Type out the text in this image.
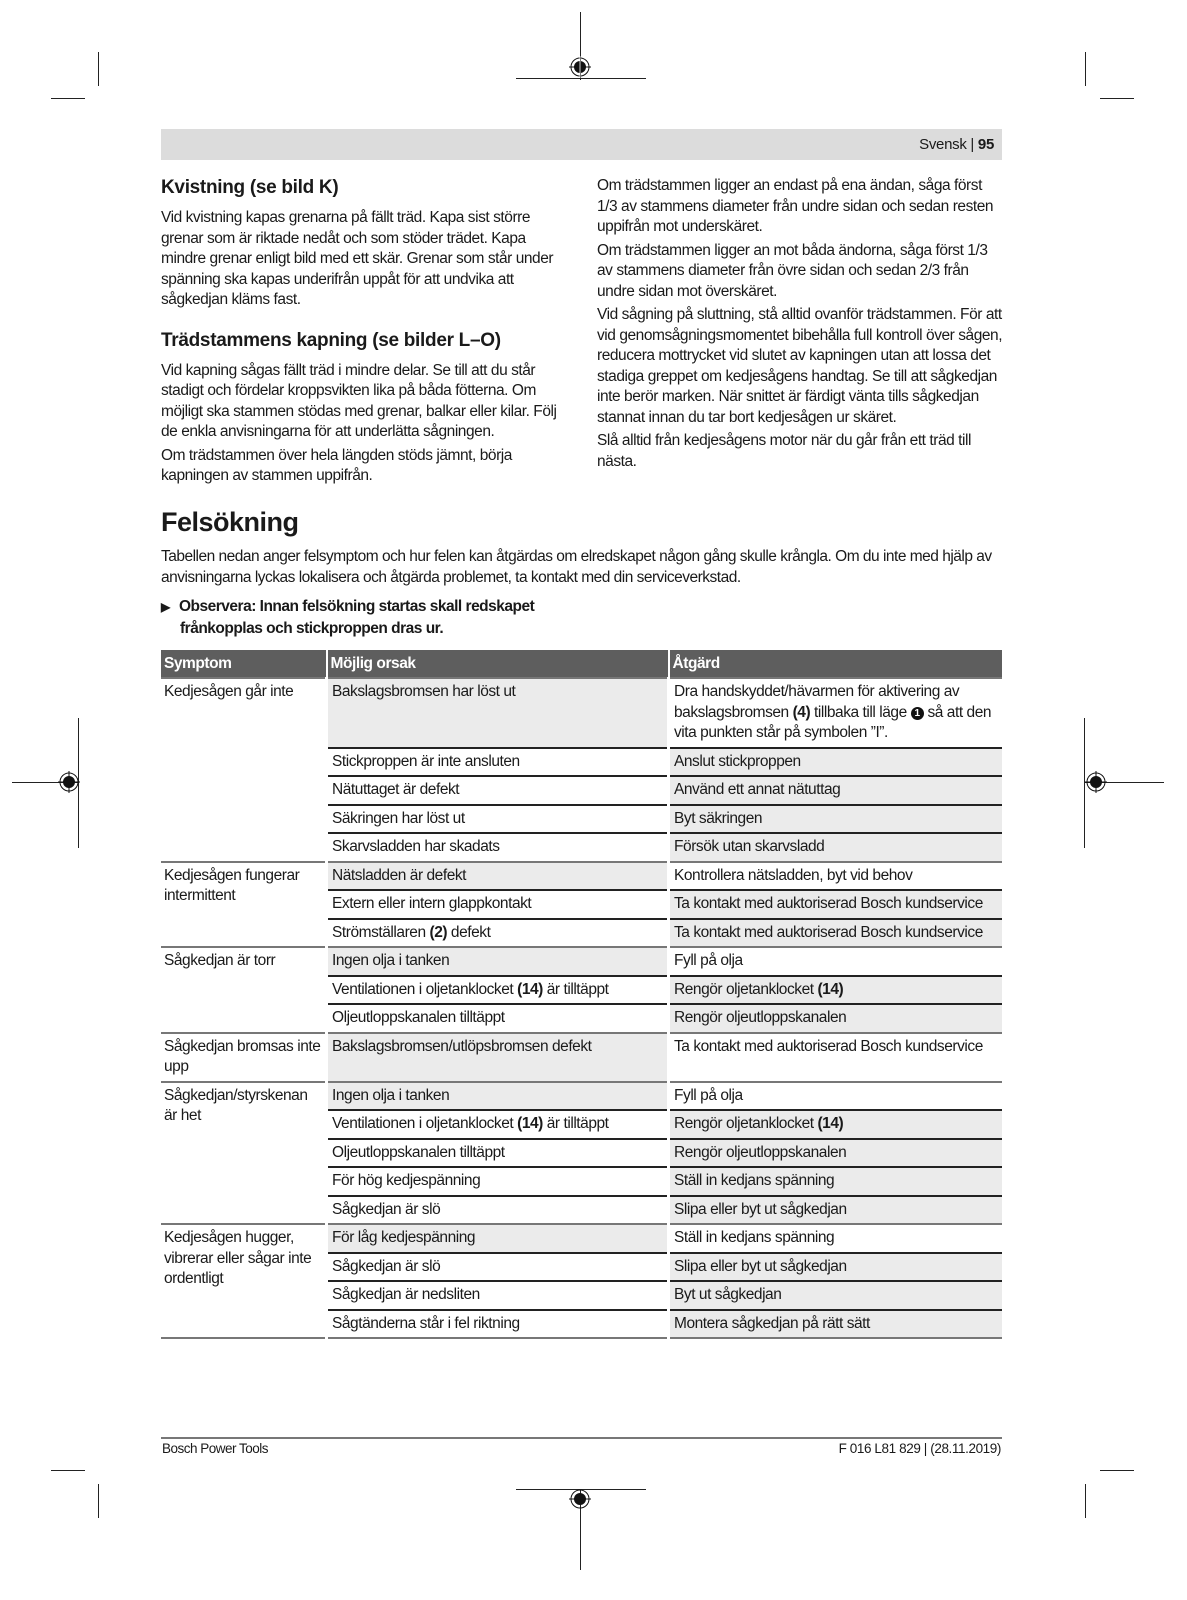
Svensk | 95
Kvistning (se bild K)

Vid kvistning kapas grenarna på fällt träd. Kapa sist större grenar som är riktade nedåt och som stöder trädet. Kapa mindre grenar enligt bild med ett skär. Grenar som står under spänning ska kapas underifrån uppåt för att undvika att sågkedjan kläms fast.

Trädstammens kapning (se bilder L–O)

Vid kapning sågas fällt träd i mindre delar. Se till att du står stadigt och fördelar kroppsvikten lika på båda fötterna. Om möjligt ska stammen stödas med grenar, balkar eller kilar. Följ de enkla anvisningarna för att underlätta sågningen.

Om trädstammen över hela längden stöds jämnt, börja kapningen av stammen uppifrån.

Om trädstammen ligger an endast på ena ändan, såga först 1/3 av stammens diameter från undre sidan och sedan resten uppifrån mot underskäret.

Om trädstammen ligger an mot båda ändorna, såga först 1/3 av stammens diameter från övre sidan och sedan 2/3 från undre sidan mot överskäret.

Vid sågning på sluttning, stå alltid ovanför trädstammen. För att vid genomsågningsmomentet bibehålla full kontroll över sågen, reducera mottrycket vid slutet av kapningen utan att lossa det stadiga greppet om kedjesågens handtag. Se till att sågkedjan inte berör marken. När snittet är färdigt vänta tills sågkedjan stannat innan du tar bort kedjesågen ur skäret.

Slå alltid från kedjesågens motor när du går från ett träd till nästa.

Felsökning
Tabellen nedan anger felsymptom och hur felen kan åtgärdas om elredskapet någon gång skulle krångla. Om du inte med hjälp av anvisningarna lyckas lokalisera och åtgärda problemet, ta kontakt med din serviceverkstad.
▶ Observera: Innan felsökning startas skall redskapet
frånkopplas och stickproppen dras ur.
Symptom	Möjlig orsak	Åtgärd
Kedjesågen går inte	Bakslagsbromsen har löst ut	Dra handskyddet/hävarmen för aktivering av bakslagsbromsen (4) tillbaka till läge 1 så att den vita punkten står på symbolen ”I”.
	Stickproppen är inte ansluten	Anslut stickproppen
	Nätuttaget är defekt	Använd ett annat nätuttag
	Säkringen har löst ut	Byt säkringen
	Skarvsladden har skadats	Försök utan skarvsladd
Kedjesågen fungerar intermittent	Nätsladden är defekt	Kontrollera nätsladden, byt vid behov
	Extern eller intern glappkontakt	Ta kontakt med auktoriserad Bosch kundservice
	Strömställaren (2) defekt	Ta kontakt med auktoriserad Bosch kundservice
Sågkedjan är torr	Ingen olja i tanken	Fyll på olja
	Ventilationen i oljetanklocket (14) är tilltäppt	Rengör oljetanklocket (14)
	Oljeutloppskanalen tilltäppt	Rengör oljeutloppskanalen
Sågkedjan bromsas inte upp	Bakslagsbromsen/utlöpsbromsen defekt	Ta kontakt med auktoriserad Bosch kundservice
Sågkedjan/styrskenan är het	Ingen olja i tanken	Fyll på olja
	Ventilationen i oljetanklocket (14) är tilltäppt	Rengör oljetanklocket (14)
	Oljeutloppskanalen tilltäppt	Rengör oljeutloppskanalen
	För hög kedjespänning	Ställ in kedjans spänning
	Sågkedjan är slö	Slipa eller byt ut sågkedjan
Kedjesågen hugger, vibrerar eller sågar inte ordentligt	För låg kedjespänning	Ställ in kedjans spänning
	Sågkedjan är slö	Slipa eller byt ut sågkedjan
	Sågkedjan är nedsliten	Byt ut sågkedjan
	Sågtänderna står i fel riktning	Montera sågkedjan på rätt sätt
Bosch Power Tools	F 016 L81 829 | (28.11.2019)
